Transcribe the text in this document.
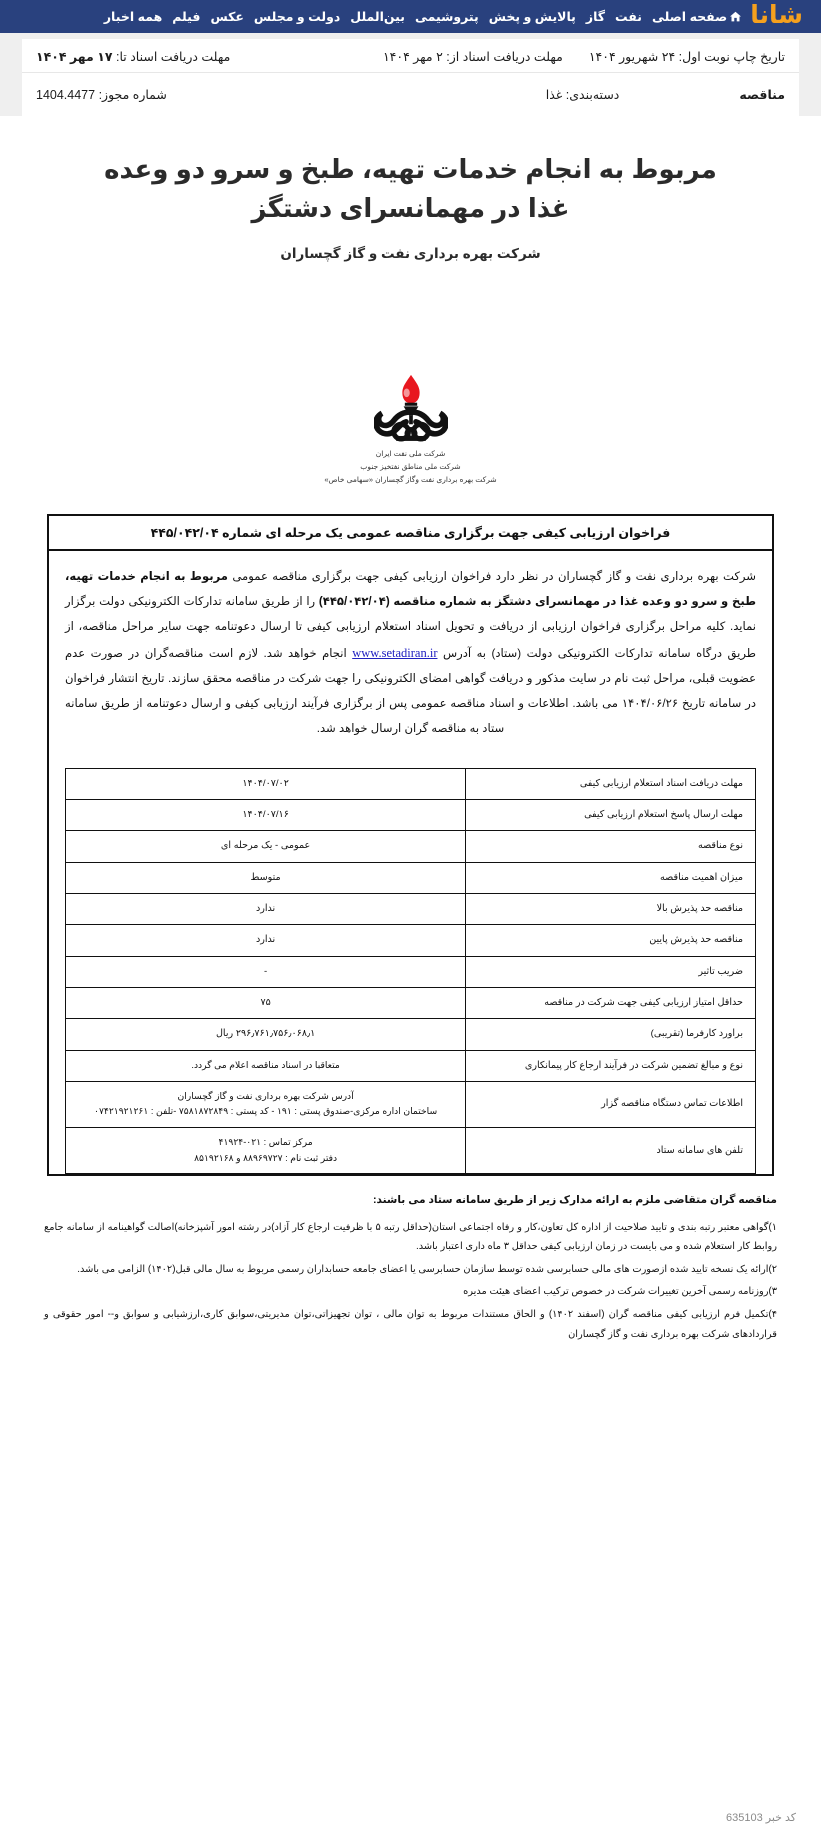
شانا
صفحه اصلی
نفت
گاز
پالایش و پخش
پتروشیمی
بین‌الملل
دولت و مجلس
عکس
فیلم
همه اخبار
تاریخ چاپ نوبت اول: ۲۴ شهریور ۱۴۰۴
مهلت دریافت اسناد از: ۲ مهر ۱۴۰۴
مهلت دریافت اسناد تا: ۱۷ مهر ۱۴۰۴
مناقصه
دسته‌بندی: غذا
شماره مجوز: 1404.4477
مربوط به انجام خدمات تهیه، طبخ و سرو دو وعده غذا در مهمانسرای دشتگز
شرکت بهره برداری نفت و گاز گچساران
شرکت ملی نفت ایران
شرکت ملی مناطق نفتخیز جنوب
شرکت بهره برداری نفت وگاز گچساران «سهامی خاص»
فراخوان ارزیابی کیفی جهت برگزاری مناقصه عمومی یک مرحله ای شماره ۴۴۵/۰۴۲/۰۴
شرکت بهره برداری نفت و گاز گچساران در نظر دارد فراخوان ارزیابی کیفی جهت برگزاری مناقصه عمومی مربوط به انجام خدمات تهیه، طبخ و سرو دو وعده غذا در مهمانسرای دشتگز به شماره مناقصه (۴۴۵/۰۴۲/۰۴) را از طریق سامانه تدارکات الکترونیکی دولت برگزار نماید. کلیه مراحل برگزاری فراخوان ارزیابی از دریافت و تحویل اسناد استعلام ارزیابی کیفی تا ارسال دعوتنامه جهت سایر مراحل مناقصه، از طریق درگاه سامانه تدارکات الکترونیکی دولت (ستاد) به آدرس www.setadiran.ir انجام خواهد شد. لازم است مناقصه‌گران در صورت عدم عضویت قبلی، مراحل ثبت نام در سایت مذکور و دریافت گواهی امضای الکترونیکی را جهت شرکت در مناقصه محقق سازند. تاریخ انتشار فراخوان در سامانه تاریخ ۱۴۰۴/۰۶/۲۶ می باشد. اطلاعات و اسناد مناقصه عمومی پس از برگزاری فرآیند ارزیابی کیفی و ارسال دعوتنامه از طریق سامانه ستاد به مناقصه گران ارسال خواهد شد.
مهلت دریافت اسناد استعلام ارزیابی کیفی	۱۴۰۴/۰۷/۰۲
مهلت ارسال پاسخ استعلام ارزیابی کیفی	۱۴۰۴/۰۷/۱۶
نوع مناقصه	عمومی - یک مرحله ای
میزان اهمیت مناقصه	متوسط
مناقصه حد پذیرش بالا	ندارد
مناقصه حد پذیرش پایین	ندارد
ضریب تاثیر	-
حداقل امتیاز ارزیابی کیفی جهت شرکت در مناقصه	۷۵
براورد کارفرما (تقریبی)	۲۹۶٫۷۶۱٫۷۵۶٫۰۶۸٫۱ ریال
نوع و مبالغ تضمین شرکت در فرآیند ارجاع کار پیمانکاری	متعاقبا در اسناد مناقصه اعلام می گردد.
اطلاعات تماس دستگاه مناقصه گزار	آدرس شرکت بهره برداری نفت و گاز گچساران
ساختمان اداره مرکزی-صندوق پستی : ۱۹۱ - کد پستی : ۷۵۸۱۸۷۲۸۴۹ -تلفن : ۰۷۴۲۱۹۲۱۲۶۱
تلفن های سامانه ستاد	مرکز تماس : ۰۲۱-۴۱۹۲۴
دفتر ثبت نام : ۸۸۹۶۹۷۲۷ و ۸۵۱۹۲۱۶۸
مناقصه گران متقاضی ملزم به ارائه مدارک زیر از طریق سامانه ستاد می باشند:

۱)گواهی معتبر رتبه بندی و تایید صلاحیت از اداره کل تعاون،کار و رفاه اجتماعی استان(حداقل رتبه ۵ با ظرفیت ارجاع کار آزاد)در رشته امور آشپزخانه)اصالت گواهینامه از سامانه جامع روابط کار استعلام شده و می بایست در زمان ارزیابی کیفی حداقل ۳ ماه داری اعتبار باشد.

۲)ارائه یک نسخه تایید شده ازصورت های مالی حسابرسی شده توسط سازمان حسابرسی یا اعضای جامعه حسابداران رسمی مربوط به سال مالی قبل(۱۴۰۲) الزامی می باشد.

۳)روزنامه رسمی آخرین تغییرات شرکت در خصوص ترکیب اعضای هیئت مدیره

۴)تکمیل فرم ارزیابی کیفی مناقصه گران (اسفند ۱۴۰۲) و الحاق مستندات مربوط به توان مالی ، توان تجهیزاتی،توان مدیریتی،سوابق کاری،ارزشیابی و سوابق و-- امور حقوقی و قراردادهای شرکت بهره برداری نفت و گاز گچساران

کد خبر 635103
